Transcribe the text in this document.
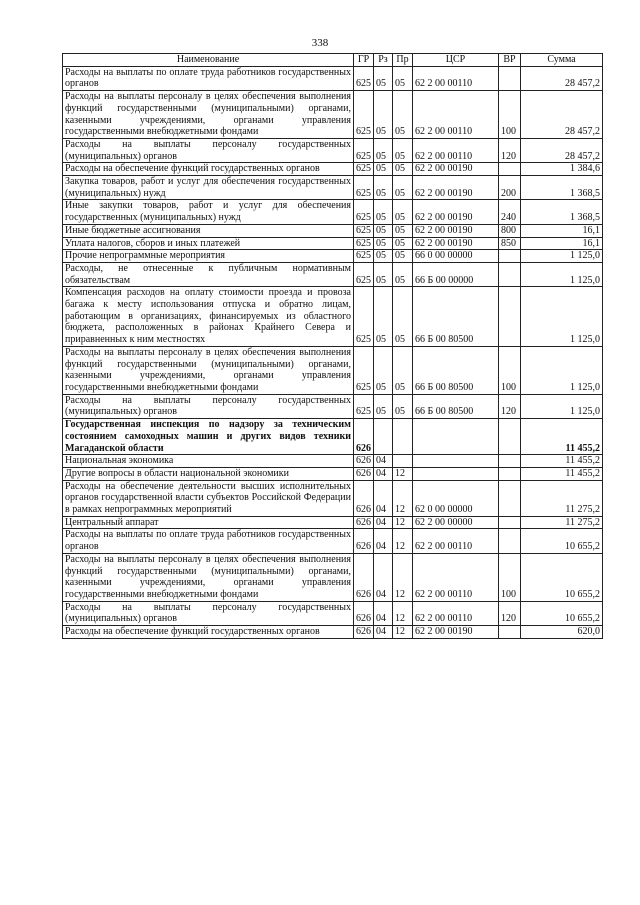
338
Наименование	ГР	Рз	Пр	ЦСР	ВР	Сумма
Расходы на выплаты по оплате труда работников государственных органов	625	05	05	62 2 00 00110		28 457,2
Расходы на выплаты персоналу в целях обеспечения выполнения функций государственными (муниципальными) органами, казенными учреждениями, органами управления государственными внебюджетными фондами	625	05	05	62 2 00 00110	100	28 457,2
Расходы на выплаты персоналу государственных (муниципальных) органов	625	05	05	62 2 00 00110	120	28 457,2
Расходы на обеспечение функций государственных органов	625	05	05	62 2 00 00190		1 384,6
Закупка товаров, работ и услуг для обеспечения государственных (муниципальных) нужд	625	05	05	62 2 00 00190	200	1 368,5
Иные закупки товаров, работ и услуг для обеспечения государственных (муниципальных) нужд	625	05	05	62 2 00 00190	240	1 368,5
Иные бюджетные ассигнования	625	05	05	62 2 00 00190	800	16,1
Уплата налогов, сборов и иных платежей	625	05	05	62 2 00 00190	850	16,1
Прочие непрограммные мероприятия	625	05	05	66 0 00 00000		1 125,0
Расходы, не отнесенные к публичным нормативным обязательствам	625	05	05	66 Б 00 00000		1 125,0
Компенсация расходов на оплату стоимости проезда и провоза багажа к месту использования отпуска и обратно лицам, работающим в организациях, финансируемых из областного бюджета, расположенных в районах Крайнего Севера и приравненных к ним местностях	625	05	05	66 Б 00 80500		1 125,0
Расходы на выплаты персоналу в целях обеспечения выполнения функций государственными (муниципальными) органами, казенными учреждениями, органами управления государственными внебюджетными фондами	625	05	05	66 Б 00 80500	100	1 125,0
Расходы на выплаты персоналу государственных (муниципальных) органов	625	05	05	66 Б 00 80500	120	1 125,0
Государственная инспекция по надзору за техническим состоянием самоходных машин и других видов техники Магаданской области	626					11 455,2
Национальная экономика	626	04				11 455,2
Другие вопросы в области национальной экономики	626	04	12			11 455,2
Расходы на обеспечение деятельности высших исполнительных органов государственной власти субъектов Российской Федерации в рамках непрограммных мероприятий	626	04	12	62 0 00 00000		11 275,2
Центральный аппарат	626	04	12	62 2 00 00000		11 275,2
Расходы на выплаты по оплате труда работников государственных органов	626	04	12	62 2 00 00110		10 655,2
Расходы на выплаты персоналу в целях обеспечения выполнения функций государственными (муниципальными) органами, казенными учреждениями, органами управления государственными внебюджетными фондами	626	04	12	62 2 00 00110	100	10 655,2
Расходы на выплаты персоналу государственных (муниципальных) органов	626	04	12	62 2 00 00110	120	10 655,2
Расходы на обеспечение функций государственных органов	626	04	12	62 2 00 00190		620,0
